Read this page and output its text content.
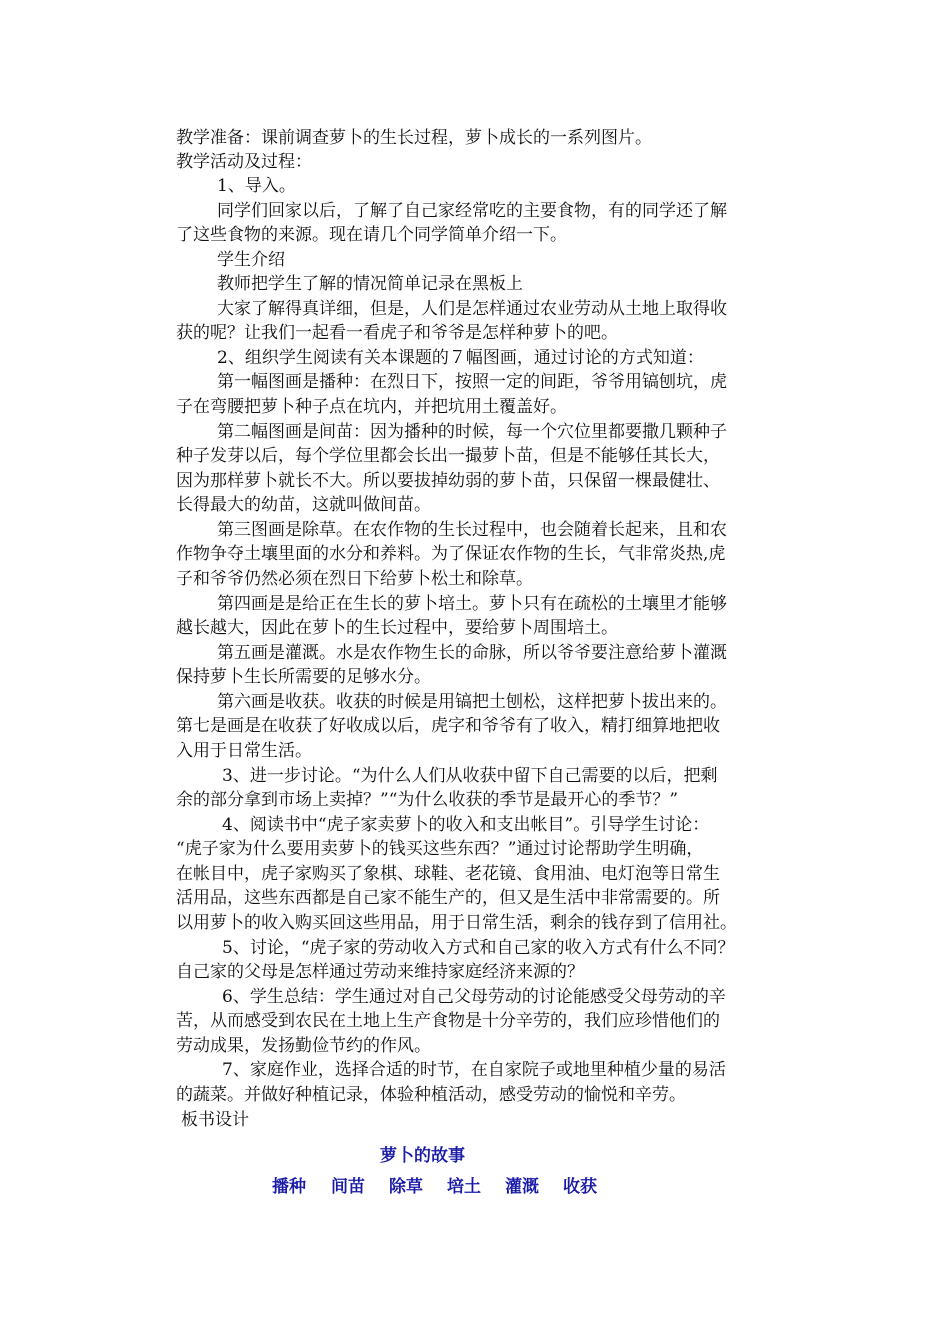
教学准备：课前调查萝卜的生长过程，萝卜成长的一系列图片。
教学活动及过程：
1、导入。
同学们回家以后，了解了自己家经常吃的主要食物，有的同学还了解
了这些食物的来源。现在请几个同学简单介绍一下。
学生介绍
教师把学生了解的情况简单记录在黑板上
大家了解得真详细，但是，人们是怎样通过农业劳动从土地上取得收
获的呢？让我们一起看一看虎子和爷爷是怎样种萝卜的吧。
2、组织学生阅读有关本课题的７幅图画，通过讨论的方式知道：
第一幅图画是播种：在烈日下，按照一定的间距，爷爷用镐刨坑，虎
子在弯腰把萝卜种子点在坑内，并把坑用土覆盖好。
第二幅图画是间苗：因为播种的时候，每一个穴位里都要撒几颗种子
种子发芽以后，每个学位里都会长出一撮萝卜苗，但是不能够任其长大，
因为那样萝卜就长不大。所以要拔掉幼弱的萝卜苗，只保留一棵最健壮、
长得最大的幼苗，这就叫做间苗。
第三图画是除草。在农作物的生长过程中，也会随着长起来，且和农
作物争夺土壤里面的水分和养料。为了保证农作物的生长，气非常炎热,虎
子和爷爷仍然必须在烈日下给萝卜松土和除草。
第四画是是给正在生长的萝卜培土。萝卜只有在疏松的土壤里才能够
越长越大，因此在萝卜的生长过程中，要给萝卜周围培土。
第五画是灌溉。水是农作物生长的命脉，所以爷爷要注意给萝卜灌溉
保持萝卜生长所需要的足够水分。
第六画是收获。收获的时候是用镐把土刨松，这样把萝卜拔出来的。
第七是画是在收获了好收成以后，虎字和爷爷有了收入，精打细算地把收
入用于日常生活。
3、进一步讨论。“为什么人们从收获中留下自己需要的以后，把剩
余的部分拿到市场上卖掉？”“为什么收获的季节是最开心的季节？”
4、阅读书中“虎子家卖萝卜的收入和支出帐目”。引导学生讨论：
“虎子家为什么要用卖萝卜的钱买这些东西？”通过讨论帮助学生明确，
在帐目中，虎子家购买了象棋、球鞋、老花镜、食用油、电灯泡等日常生
活用品，这些东西都是自己家不能生产的，但又是生活中非常需要的。所
以用萝卜的收入购买回这些用品，用于日常生活，剩余的钱存到了信用社。
5、讨论，“虎子家的劳动收入方式和自己家的收入方式有什么不同？
自己家的父母是怎样通过劳动来维持家庭经济来源的？
6、学生总结：学生通过对自己父母劳动的讨论能感受父母劳动的辛
苦，从而感受到农民在土地上生产食物是十分辛劳的，我们应珍惜他们的
劳动成果，发扬勤俭节约的作风。
7、家庭作业，选择合适的时节，在自家院子或地里种植少量的易活
的蔬菜。并做好种植记录，体验种植活动，感受劳动的愉悦和辛劳。
板书设计
萝卜的故事
播种 间苗 除草 培土 灌溉 收获
